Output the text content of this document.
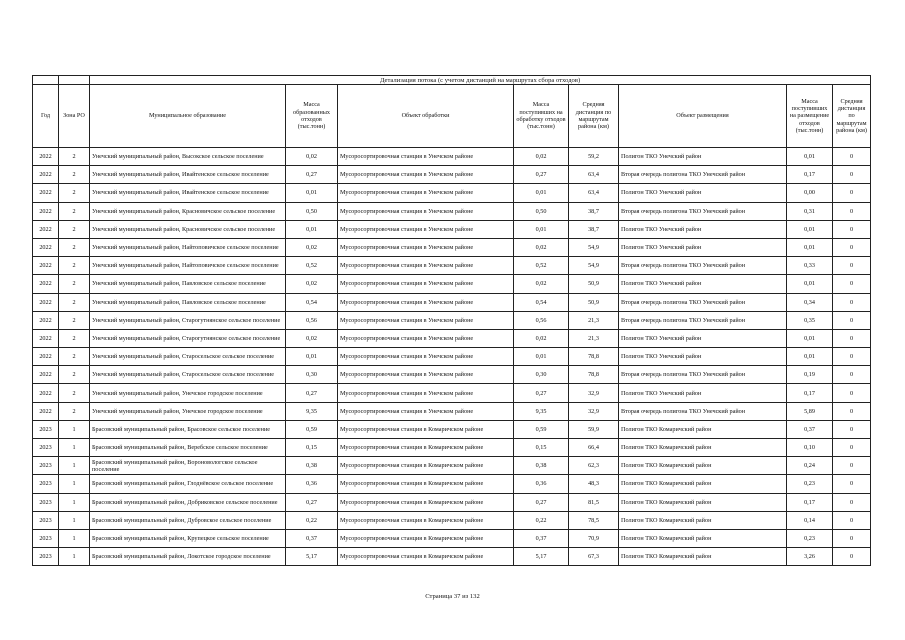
		Детализация потока (с учетом дистанций на маршрутах сбора отходов)							
Год	Зона РО	Муниципальное образование	Масса образованных отходов (тыс.тонн)	Объект обработки	Масса поступивших на обработку отходов (тыс.тонн)	Средняя дистанция по маршрутам района (км)	Объект размещения	Масса поступивших на размещение отходов (тыс.тонн)	Средняя дистанция по маршрутам района (км)
2022	2	Унечский муниципальный район, Высокское сельское поселение	0,02	Мусоросортировочная станция в Унечском районе	0,02	59,2	Полигон ТКО Унечский район	0,01	0
2022	2	Унечский муниципальный район, Ивайтенское сельское поселение	0,27	Мусоросортировочная станция в Унечском районе	0,27	63,4	Вторая очередь полигона ТКО Унечский район	0,17	0
2022	2	Унечский муниципальный район, Ивайтенское сельское поселение	0,01	Мусоросортировочная станция в Унечском районе	0,01	63,4	Полигон ТКО Унечский район	0,00	0
2022	2	Унечский муниципальный район, Красновичское сельское поселение	0,50	Мусоросортировочная станция в Унечском районе	0,50	38,7	Вторая очередь полигона ТКО Унечский район	0,31	0
2022	2	Унечский муниципальный район, Красновичское сельское поселение	0,01	Мусоросортировочная станция в Унечском районе	0,01	38,7	Полигон ТКО Унечский район	0,01	0
2022	2	Унечский муниципальный район, Найтоповичское сельское поселение	0,02	Мусоросортировочная станция в Унечском районе	0,02	54,9	Полигон ТКО Унечский район	0,01	0
2022	2	Унечский муниципальный район, Найтоповичское сельское поселение	0,52	Мусоросортировочная станция в Унечском районе	0,52	54,9	Вторая очередь полигона ТКО Унечский район	0,33	0
2022	2	Унечский муниципальный район, Павловское сельское поселение	0,02	Мусоросортировочная станция в Унечском районе	0,02	50,9	Полигон ТКО Унечский район	0,01	0
2022	2	Унечский муниципальный район, Павловское сельское поселение	0,54	Мусоросортировочная станция в Унечском районе	0,54	50,9	Вторая очередь полигона ТКО Унечский район	0,34	0
2022	2	Унечский муниципальный район, Старогутнянское сельское поселение	0,56	Мусоросортировочная станция в Унечском районе	0,56	21,3	Вторая очередь полигона ТКО Унечский район	0,35	0
2022	2	Унечский муниципальный район, Старогутнянское сельское поселение	0,02	Мусоросортировочная станция в Унечском районе	0,02	21,3	Полигон ТКО Унечский район	0,01	0
2022	2	Унечский муниципальный район, Старосельское сельское поселение	0,01	Мусоросортировочная станция в Унечском районе	0,01	78,8	Полигон ТКО Унечский район	0,01	0
2022	2	Унечский муниципальный район, Старосельское сельское поселение	0,30	Мусоросортировочная станция в Унечском районе	0,30	78,8	Вторая очередь полигона ТКО Унечский район	0,19	0
2022	2	Унечский муниципальный район, Унечское городское поселение	0,27	Мусоросортировочная станция в Унечском районе	0,27	32,9	Полигон ТКО Унечский район	0,17	0
2022	2	Унечский муниципальный район, Унечское городское поселение	9,35	Мусоросортировочная станция в Унечском районе	9,35	32,9	Вторая очередь полигона ТКО Унечский район	5,89	0
2023	1	Брасовский муниципальный район, Брасовское сельское поселение	0,59	Мусоросортировочная станция в Комаричском районе	0,59	59,9	Полигон ТКО Комаричский район	0,37	0
2023	1	Брасовский муниципальный район, Веребское сельское поселение	0,15	Мусоросортировочная станция в Комаричском районе	0,15	66,4	Полигон ТКО Комаричский район	0,10	0
2023	1	Брасовский муниципальный район, Вороновологское сельское поселение	0,38	Мусоросортировочная станция в Комаричском районе	0,38	62,3	Полигон ТКО Комаричский район	0,24	0
2023	1	Брасовский муниципальный район, Глоднёвское сельское поселение	0,36	Мусоросортировочная станция в Комаричском районе	0,36	48,3	Полигон ТКО Комаричский район	0,23	0
2023	1	Брасовский муниципальный район, Добриковское сельское поселение	0,27	Мусоросортировочная станция в Комаричском районе	0,27	81,5	Полигон ТКО Комаричский район	0,17	0
2023	1	Брасовский муниципальный район, Дубровское сельское поселение	0,22	Мусоросортировочная станция в Комаричском районе	0,22	78,5	Полигон ТКО Комаричский район	0,14	0
2023	1	Брасовский муниципальный район, Крупецкое сельское поселение	0,37	Мусоросортировочная станция в Комаричском районе	0,37	70,9	Полигон ТКО Комаричский район	0,23	0
2023	1	Брасовский муниципальный район, Локотское городское поселение	5,17	Мусоросортировочная станция в Комаричском районе	5,17	67,3	Полигон ТКО Комаричский район	3,26	0
Страница 37 из 132
